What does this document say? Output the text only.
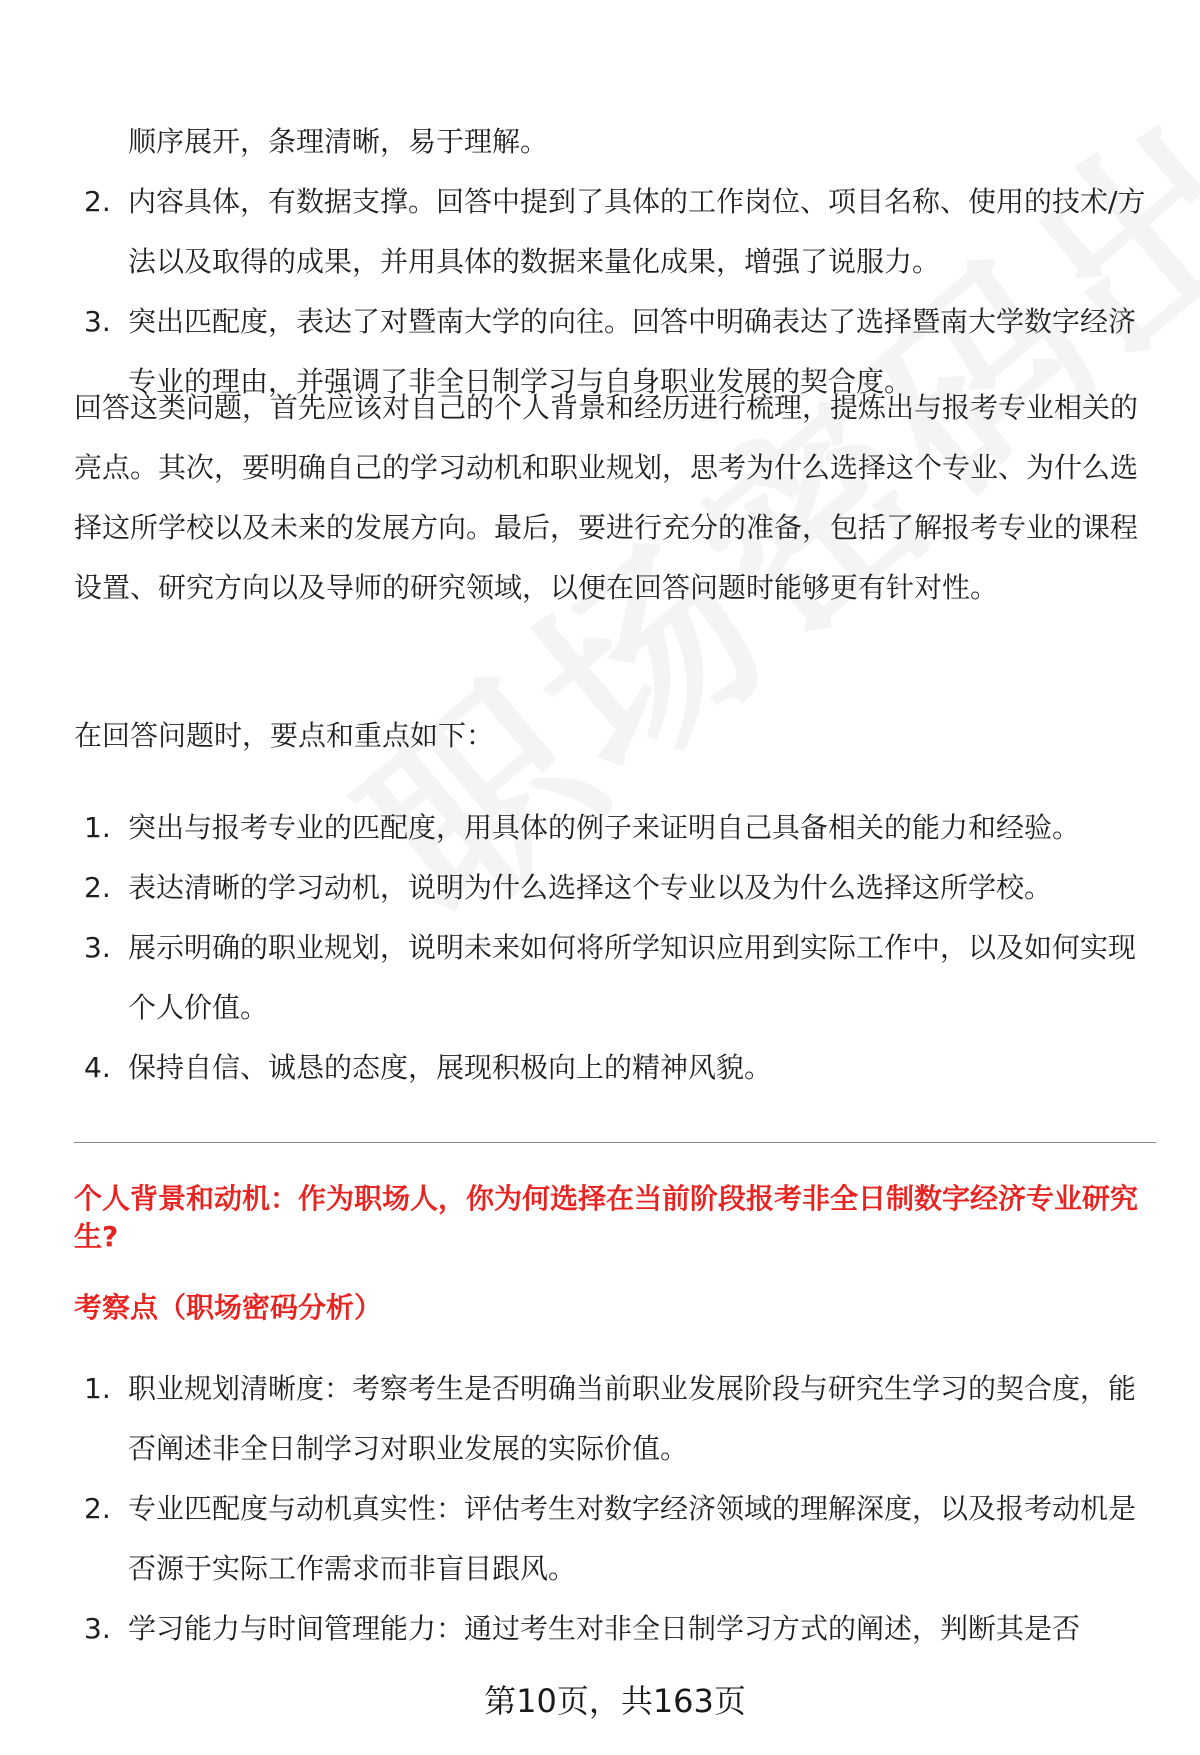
顺序展开，条理清晰，易于理解。
2. 内容具体，有数据支撑。回答中提到了具体的工作岗位、项目名称、使用的技术/方法以及取得的成果，并用具体的数据来量化成果，增强了说服力。
3. 突出匹配度，表达了对暨南大学的向往。回答中明确表达了选择暨南大学数字经济专业的理由，并强调了非全日制学习与自身职业发展的契合度。

回答这类问题，首先应该对自己的个人背景和经历进行梳理，提炼出与报考专业相关的亮点。其次，要明确自己的学习动机和职业规划，思考为什么选择这个专业、为什么选择这所学校以及未来的发展方向。最后，要进行充分的准备，包括了解报考专业的课程设置、研究方向以及导师的研究领域，以便在回答问题时能够更有针对性。

在回答问题时，要点和重点如下：

1. 突出与报考专业的匹配度，用具体的例子来证明自己具备相关的能力和经验。
2. 表达清晰的学习动机，说明为什么选择这个专业以及为什么选择这所学校。
3. 展示明确的职业规划，说明未来如何将所学知识应用到实际工作中，以及如何实现个人价值。
4. 保持自信、诚恳的态度，展现积极向上的精神风貌。
个人背景和动机：作为职场人，你为何选择在当前阶段报考非全日制数字经济专业研究生?
考察点（职场密码分析）
1. 职业规划清晰度：考察考生是否明确当前职业发展阶段与研究生学习的契合度，能否阐述非全日制学习对职业发展的实际价值。
2. 专业匹配度与动机真实性：评估考生对数字经济领域的理解深度，以及报考动机是否源于实际工作需求而非盲目跟风。
3. 学习能力与时间管理能力：通过考生对非全日制学习方式的阐述，判断其是否
第10页，共163页
